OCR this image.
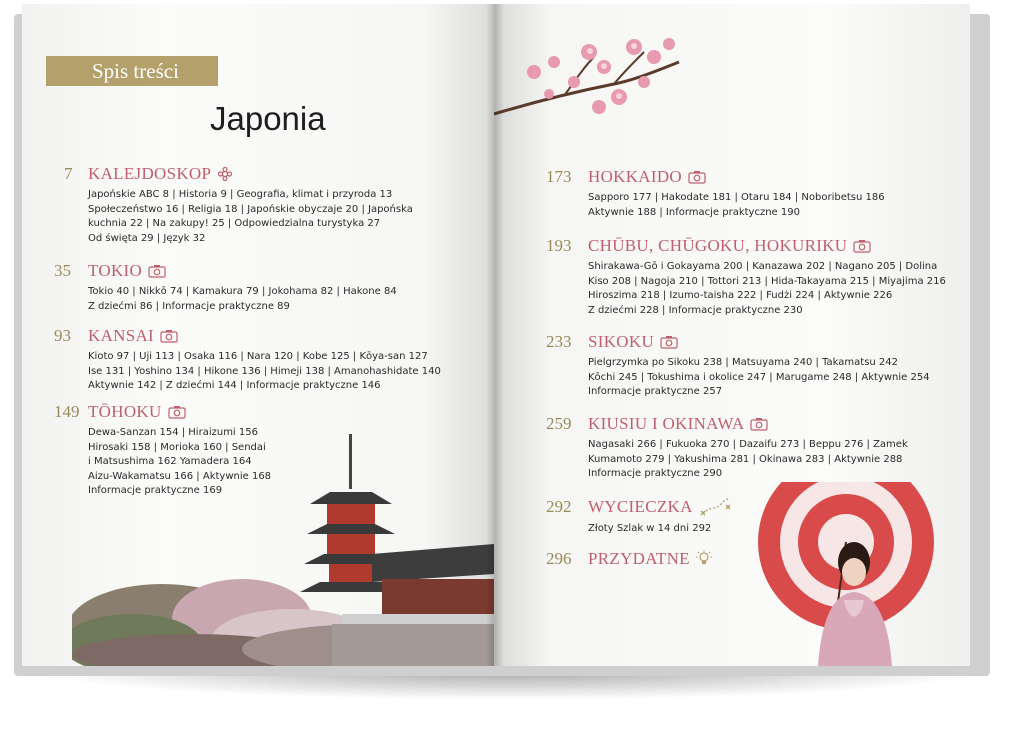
Spis treści
Japonia
7 KALEJDOSKOP
Japońskie ABC 8 | Historia 9 | Geografia, klimat i przyroda 13
Społeczeństwo 16 | Religia 18 | Japońskie obyczaje 20 | Japońska
kuchnia 22 | Na zakupy! 25 | Odpowiedzialna turystyka 27
Od święta 29 | Język 32
35	TOKIO
Tokio 40 | Nikkō 74 | Kamakura 79 | Jokohama 82 | Hakone 84
Z dziećmi 86 | Informacje praktyczne 89
93	KANSAI
Kioto 97 | Uji 113 | Osaka 116 | Nara 120 | Kobe 125 | Kōya-san 127
Ise 131 | Yoshino 134 | Hikone 136 | Himeji 138 | Amanohashidate 140
Aktywnie 142 | Z dziećmi 144 | Informacje praktyczne 146
149 TŌHOKU
Dewa-Sanzan 154 | Hiraizumi 156
Hirosaki 158 | Morioka 160 | Sendai
i Matsushima 162 Yamadera 164
Aizu-Wakamatsu 166 | Aktywnie 168
Informacje praktyczne 169
173 HOKKAIDO
Sapporo 177 | Hakodate 181 | Otaru 184 | Noboribetsu 186
Aktywnie 188 | Informacje praktyczne 190
193 CHŪBU, CHŪGOKU, HOKURIKU
Shirakawa-Gō i Gokayama 200 | Kanazawa 202 | Nagano 205 | Dolina
Kiso 208 | Nagoja 210 | Tottori 213 | Hida-Takayama 215 | Miyajima 216
Hiroszima 218 | Izumo-taisha 222 | Fudżi 224 | Aktywnie 226
Z dziećmi 228 | Informacje praktyczne 230
233 SIKOKU
Pielgrzymka po Sikoku 238 | Matsuyama 240 | Takamatsu 242
Kōchi 245 | Tokushima i okolice 247 | Marugame 248 | Aktywnie 254
Informacje praktyczne 257
259 KIUSIU I OKINAWA
Nagasaki 266 | Fukuoka 270 | Dazaifu 273 | Beppu 276 | Zamek
Kumamoto 279 | Yakushima 281 | Okinawa 283 | Aktywnie 288
Informacje praktyczne 290
292 WYCIECZKA
Złoty Szlak w 14 dni 292
296 PRZYDATNE
